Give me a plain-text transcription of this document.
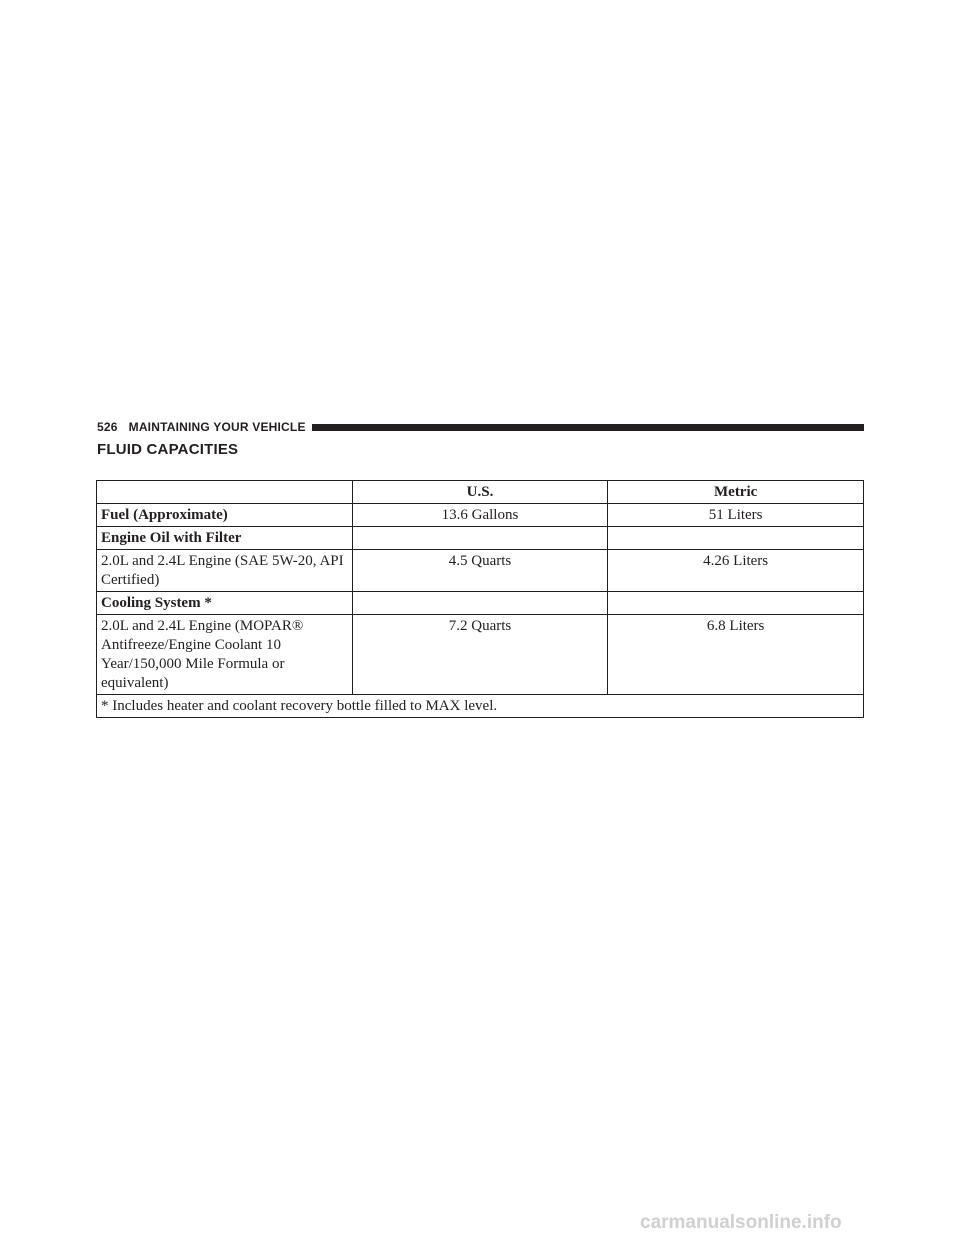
526 MAINTAINING YOUR VEHICLE
FLUID CAPACITIES
	U.S.	Metric
Fuel (Approximate)	13.6 Gallons	51 Liters
Engine Oil with Filter		
2.0L and 2.4L Engine (SAE 5W-20, API Certified)	4.5 Quarts	4.26 Liters
Cooling System *		
2.0L and 2.4L Engine (MOPAR® Antifreeze/Engine Coolant 10 Year/150,000 Mile Formula or equivalent)	7.2 Quarts	6.8 Liters
* Includes heater and coolant recovery bottle filled to MAX level.		
carmanualsonline.info
